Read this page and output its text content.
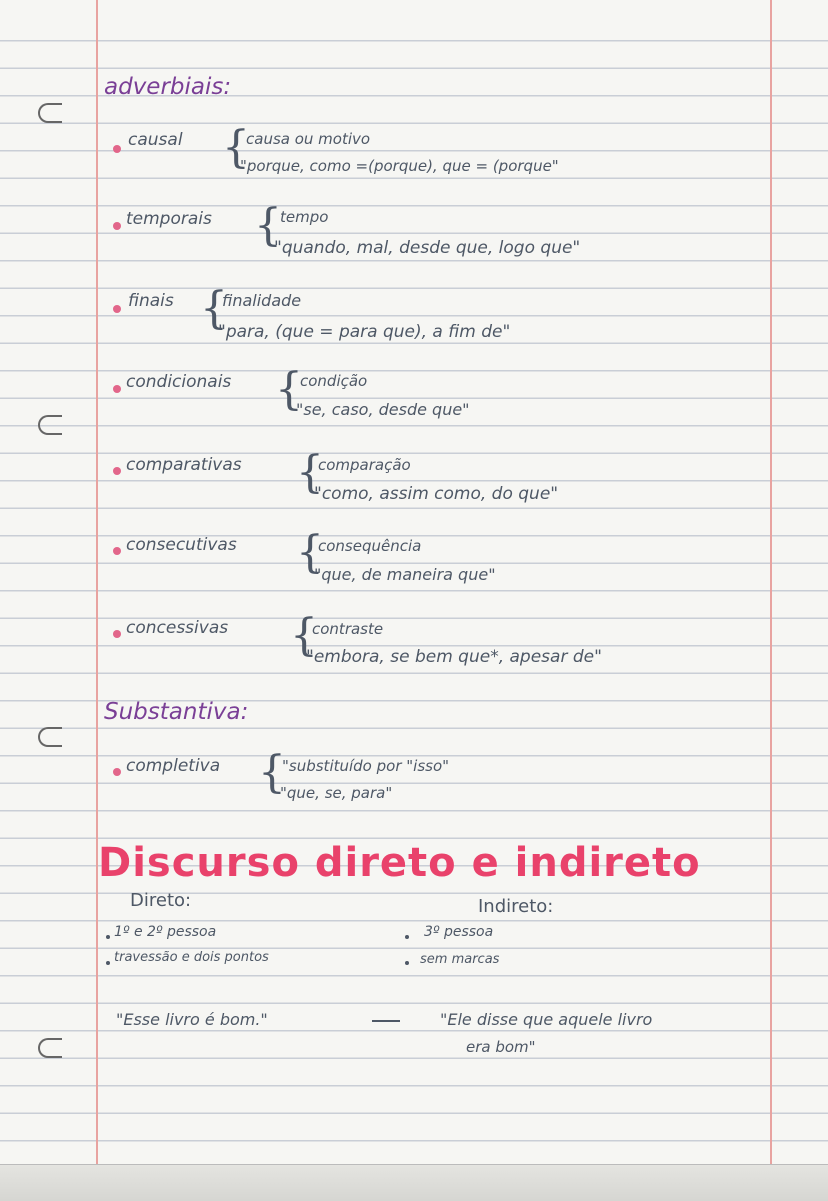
adverbiais:
causal {
causa ou motivo
"porque, como =(porque), que = (porque"
temporais {
tempo
"quando, mal, desde que, logo que"
finais {
finalidade
"para, (que = para que), a fim de"
condicionais {
condição
"se, caso, desde que"
comparativas {
comparação
"como, assim como, do que"
consecutivas {
consequência
"que, de maneira que"
concessivas {
contraste
"embora, se bem que*, apesar de"
Substantiva:
completiva {
"substituído por "isso"
"que, se, para"
Discurso direto e indireto
Direto:
1º e 2º pessoa
travessão e dois pontos
Indireto:
3º pessoa
sem marcas
"Esse livro é bom."	"Ele disse que aquele livro
era bom"
